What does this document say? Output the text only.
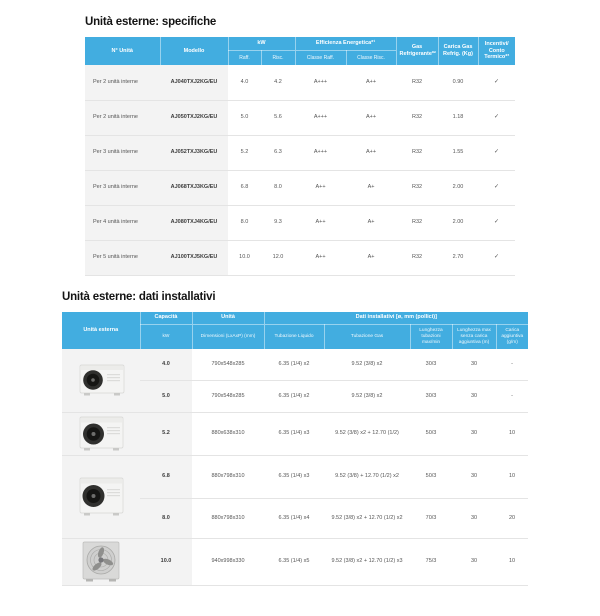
Unità esterne: specifiche
N° Unità	Modello	kW		Efficienza Energetica*¹		Gas Refrigerante*²	Carica Gas Refrig. (Kg)	Incentivi/ Conto Termico*³
		Raff.	Risc.	Classe Raff.	Classe Risc.			
Per 2 unità interne	AJ040TXJ2KG/EU	4.0	4.2	A+++	A++	R32	0.90	✓
Per 2 unità interne	AJ050TXJ2KG/EU	5.0	5.6	A+++	A++	R32	1.18	✓
Per 3 unità interne	AJ052TXJ3KG/EU	5.2	6.3	A+++	A++	R32	1.55	✓
Per 3 unità interne	AJ068TXJ3KG/EU	6.8	8.0	A++	A+	R32	2.00	✓
Per 4 unità interne	AJ080TXJ4KG/EU	8.0	9.3	A++	A+	R32	2.00	✓
Per 5 unità interne	AJ100TXJ5KG/EU	10.0	12.0	A++	A+	R32	2.70	✓
Unità esterne: dati installativi
Unità esterna	Capacità	Unità	Dati installativi [ø, mm (pollici)]				
	kW	Dimensioni (LxAxP) (mm)	Tubazione Liquido	Tubazione Gas	Lunghezza tubazioni max/min	Lunghezza max senza carica aggiuntiva (m)	Carica aggiuntiva (g/m)

	4.0	790x548x285	6.35 (1/4) x2	9.52 (3/8) x2	30/3	30	-
	5.0	790x548x285	6.35 (1/4) x2	9.52 (3/8) x2	30/3	30	-

	5.2	880x638x310	6.35 (1/4) x3	9.52 (3/8) x2 + 12.70 (1/2)	50/3	30	10

	6.8	880x798x310	6.35 (1/4) x3	9.52 (3/8) + 12.70 (1/2) x2	50/3	30	10
	8.0	880x798x310	6.35 (1/4) x4	9.52 (3/8) x2 + 12.70 (1/2) x2	70/3	30	20

	10.0	940x998x330	6.35 (1/4) x5	9.52 (3/8) x2 + 12.70 (1/2) x3	75/3	30	10
